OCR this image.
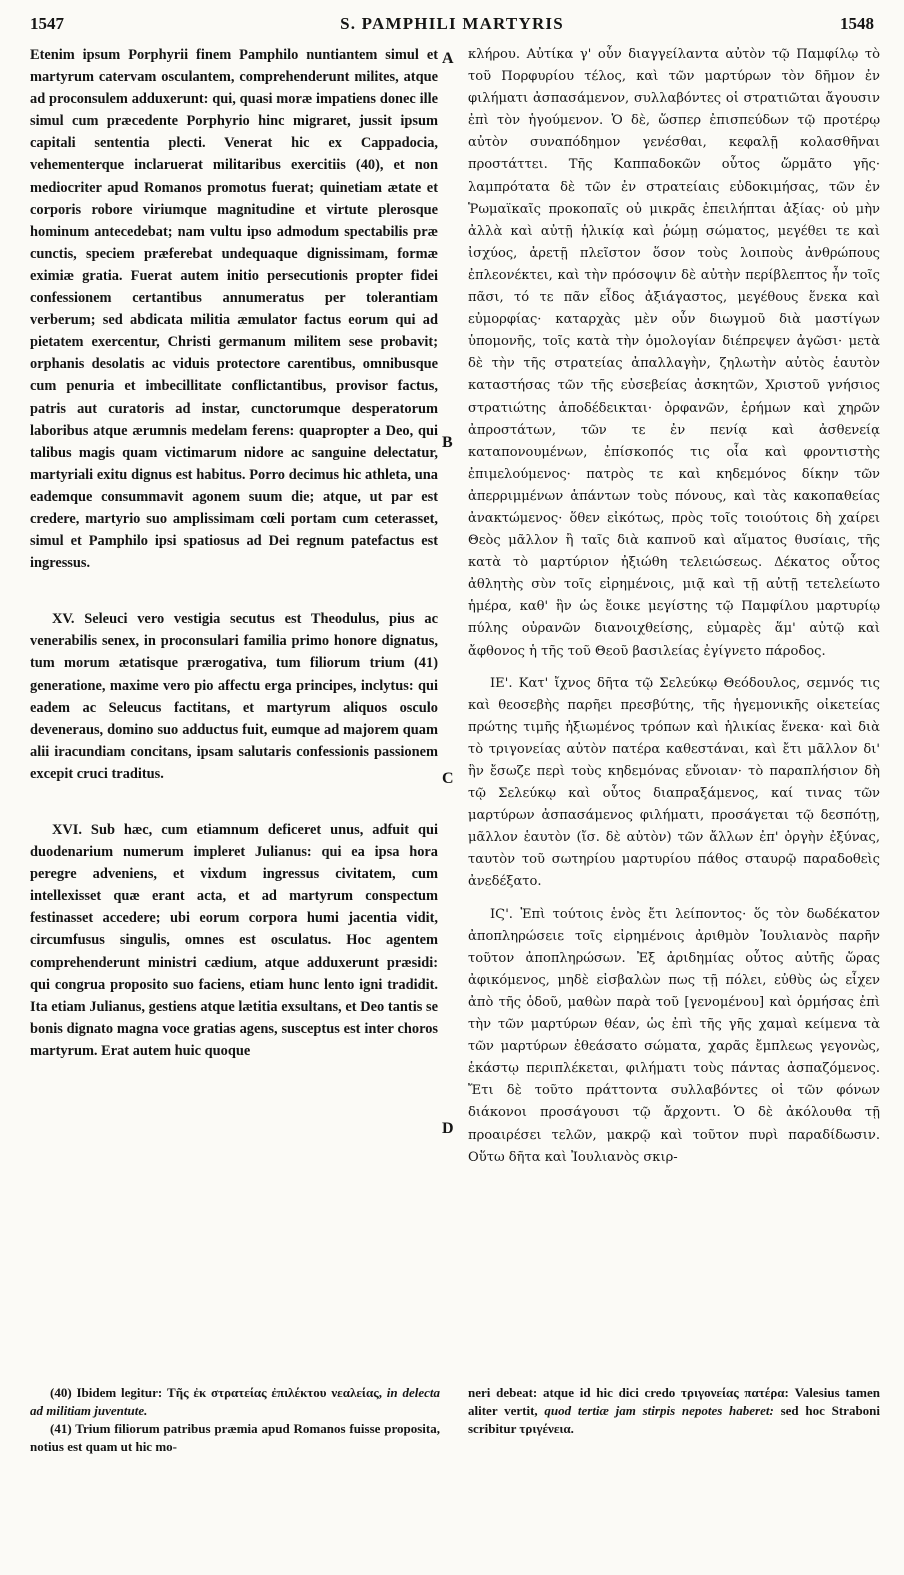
1547	S. PAMPHILI MARTYRIS	1548
A
B
C
D

Etenim ipsum Porphyrii finem Pamphilo nuntiantem simul et martyrum catervam osculantem, comprehenderunt milites, atque ad proconsulem adduxerunt: qui, quasi moræ impatiens donec ille simul cum præcedente Porphyrio hinc migraret, jussit ipsum capitali sententia plecti. Venerat hic ex Cappadocia, vehementerque inclaruerat militaribus exercitiis (40), et non mediocriter apud Romanos promotus fuerat; quinetiam ætate et corporis robore viriumque magnitudine et virtute plerosque hominum antecedebat; nam vultu ipso admodum spectabilis præ cunctis, speciem præferebat undequaque dignissimam, formæ eximiæ gratia. Fuerat autem initio persecutionis propter fidei confessionem certantibus annumeratus per tolerantiam verberum; sed abdicata militia æmulator factus eorum qui ad pietatem exercentur, Christi germanum militem sese probavit; orphanis desolatis ac viduis protectore carentibus, omnibusque cum penuria et imbecillitate conflictantibus, provisor factus, patris aut curatoris ad instar, cunctorumque desperatorum laboribus atque ærumnis medelam ferens: quapropter a Deo, qui talibus magis quam victimarum nidore ac sanguine delectatur, martyriali exitu dignus est habitus. Porro decimus hic athleta, una eademque consummavit agonem suum die; atque, ut par est credere, martyrio suo amplissimam cœli portam cum ceterasset, simul et Pamphilo ipsi spatiosus ad Dei regnum patefactus est ingressus.

XV. Seleuci vero vestigia secutus est Theodulus, pius ac venerabilis senex, in proconsulari familia primo honore dignatus, tum morum ætatisque prærogativa, tum filiorum trium (41) generatione, maxime vero pio affectu erga principes, inclytus: qui eadem ac Seleucus factitans, et martyrum aliquos osculo deveneraus, domino suo adductus fuit, eumque ad majorem quam alii iracundiam concitans, ipsam salutaris confessionis passionem excepit cruci traditus.

XVI. Sub hæc, cum etiamnum deficeret unus, adfuit qui duodenarium numerum impleret Julianus: qui ea ipsa hora peregre adveniens, et vixdum ingressus civitatem, cum intellexisset quæ erant acta, et ad martyrum conspectum festinasset accedere; ubi eorum corpora humi jacentia vidit, circumfusus singulis, omnes est osculatus. Hoc agentem comprehenderunt ministri cædium, atque adduxerunt præsidi: qui congrua proposito suo faciens, etiam hunc lento igni tradidit. Ita etiam Julianus, gestiens atque lætitia exsultans, et Deo tantis se bonis dignato magna voce gratias agens, susceptus est inter choros martyrum. Erat autem huic quoque

κλήρου. Αὐτίκα γ' οὖν διαγγείλαντα αὐτὸν τῷ Παμφίλῳ τὸ τοῦ Πορφυρίου τέλος, καὶ τῶν μαρτύρων τὸν δῆμον ἐν φιλήματι ἀσπασάμενον, συλλαβόντες οἱ στρατιῶται ἄγουσιν ἐπὶ τὸν ἡγούμενον. Ὁ δὲ, ὥσπερ ἐπισπεύδων τῷ προτέρῳ αὐτὸν συναπόδημον γενέσθαι, κεφαλῇ κολασθῆναι προστάττει. Τῆς Καππαδοκῶν οὗτος ὥρμᾶτο γῆς· λαμπρότατα δὲ τῶν ἐν στρατείαις εὐδοκιμήσας, τῶν ἐν Ῥωμαϊκαῖς προκοπαῖς οὐ μικρᾶς ἐπειλήπται ἀξίας· οὐ μὴν ἀλλὰ καὶ αὐτῇ ἡλικίᾳ καὶ ῥώμῃ σώματος, μεγέθει τε καὶ ἰσχύος, ἀρετῇ πλεῖστον ὅσον τοὺς λοιποὺς ἀνθρώπους ἐπλεονέκτει, καὶ τὴν πρόσοψιν δὲ αὐτὴν περίβλεπτος ἦν τοῖς πᾶσι, τό τε πᾶν εἶδος ἀξιάγαστος, μεγέθους ἕνεκα καὶ εὐμορφίας· καταρχὰς μὲν οὖν διωγμοῦ διὰ μαστίγων ὑπομονῆς, τοῖς κατὰ τὴν ὁμολογίαν διέπρεψεν ἀγῶσι· μετὰ δὲ τὴν τῆς στρατείας ἀπαλλαγὴν, ζηλωτὴν αὐτὸς ἑαυτὸν καταστήσας τῶν τῆς εὐσεβείας ἀσκητῶν, Χριστοῦ γνήσιος στρατιώτης ἀποδέδεικται· ὀρφανῶν, ἐρήμων καὶ χηρῶν ἀπροστάτων, τῶν τε ἐν πενίᾳ καὶ ἀσθενείᾳ καταπονουμένων, ἐπίσκοπός τις οἷα καὶ φροντιστὴς ἐπιμελούμενος· πατρὸς τε καὶ κηδεμόνος δίκην τῶν ἀπερριμμένων ἁπάντων τοὺς πόνους, καὶ τὰς κακοπαθείας ἀνακτώμενος· ὅθεν εἰκότως, πρὸς τοῖς τοιούτοις δὴ χαίρει Θεὸς μᾶλλον ἢ ταῖς διὰ καπνοῦ καὶ αἵματος θυσίαις, τῆς κατὰ τὸ μαρτύριον ἠξιώθη τελειώσεως. Δέκατος οὗτος ἀθλητὴς σὺν τοῖς εἰρημένοις, μιᾷ καὶ τῇ αὐτῇ τετελείωτο ἡμέρα, καθ' ἣν ὡς ἔοικε μεγίστης τῷ Παμφίλου μαρτυρίῳ πύλης οὐρανῶν διανοιχθείσης, εὐμαρὲς ἅμ' αὐτῷ καὶ ἄφθονος ἡ τῆς τοῦ Θεοῦ βασιλείας ἐγίγνετο πάροδος.

ΙΕ'. Κατ' ἴχνος δῆτα τῷ Σελεύκῳ Θεόδουλος, σεμνός τις καὶ θεοσεβὴς παρῆει πρεσβύτης, τῆς ἡγεμονικῆς οἰκετείας πρώτης τιμῆς ἠξιωμένος τρόπων καὶ ἡλικίας ἕνεκα· καὶ διὰ τὸ τριγονείας αὐτὸν πατέρα καθεστάναι, καὶ ἔτι μᾶλλον δι' ἣν ἔσωζε περὶ τοὺς κηδεμόνας εὔνοιαν· τὸ παραπλήσιον δὴ τῷ Σελεύκῳ καὶ οὗτος διαπραξάμενος, καί τινας τῶν μαρτύρων ἀσπασάμενος φιλήματι, προσάγεται τῷ δεσπότῃ, μᾶλλον ἑαυτὸν (ἴσ. δὲ αὐτὸν) τῶν ἄλλων ἐπ' ὀργὴν ἐξύνας, ταυτὸν τοῦ σωτηρίου μαρτυρίου πάθος σταυρῷ παραδοθεὶς ἀνεδέξατο.

ΙϚ'. Ἐπὶ τούτοις ἑνὸς ἔτι λείποντος· ὅς τὸν δωδέκατον ἀποπληρώσειε τοῖς εἰρημένοις ἀριθμὸν Ἰουλιανὸς παρῆν τοῦτον ἀποπληρώσων. Ἐξ ἀριδημίας οὗτος αὐτῆς ὥρας ἀφικόμενος, μηδὲ εἰσβαλὼν πως τῇ πόλει, εὐθὺς ὡς εἶχεν ἀπὸ τῆς ὁδοῦ, μαθὼν παρὰ τοῦ [γενομένου] καὶ ὁρμήσας ἐπὶ τὴν τῶν μαρτύρων θέαν, ὡς ἐπὶ τῆς γῆς χαμαὶ κείμενα τὰ τῶν μαρτύρων ἐθεάσατο σώματα, χαρᾶς ἔμπλεως γεγονὼς, ἑκάστῳ περιπλέκεται, φιλήματι τοὺς πάντας ἀσπαζόμενος. Ἔτι δὲ τοῦτο πράττοντα συλλαβόντες οἱ τῶν φόνων διάκονοι προσάγουσι τῷ ἄρχοντι. Ὁ δὲ ἀκόλουθα τῇ προαιρέσει τελῶν, μακρῷ καὶ τοῦτον πυρὶ παραδίδωσιν. Οὕτω δῆτα καὶ Ἰουλιανὸς σκιρ-

(40) Ibidem legitur: Τῆς ἐκ στρατείας ἐπιλέκτου νεαλείας, in delecta ad militiam juventute.

(41) Trium filiorum patribus præmia apud Romanos fuisse proposita, notius est quam ut hic mo-

neri debeat: atque id hic dici credo τριγονείας πατέρα: Valesius tamen aliter vertit, quod tertiæ jam stirpis nepotes haberet: sed hoc Straboni scribitur τριγένεια.
